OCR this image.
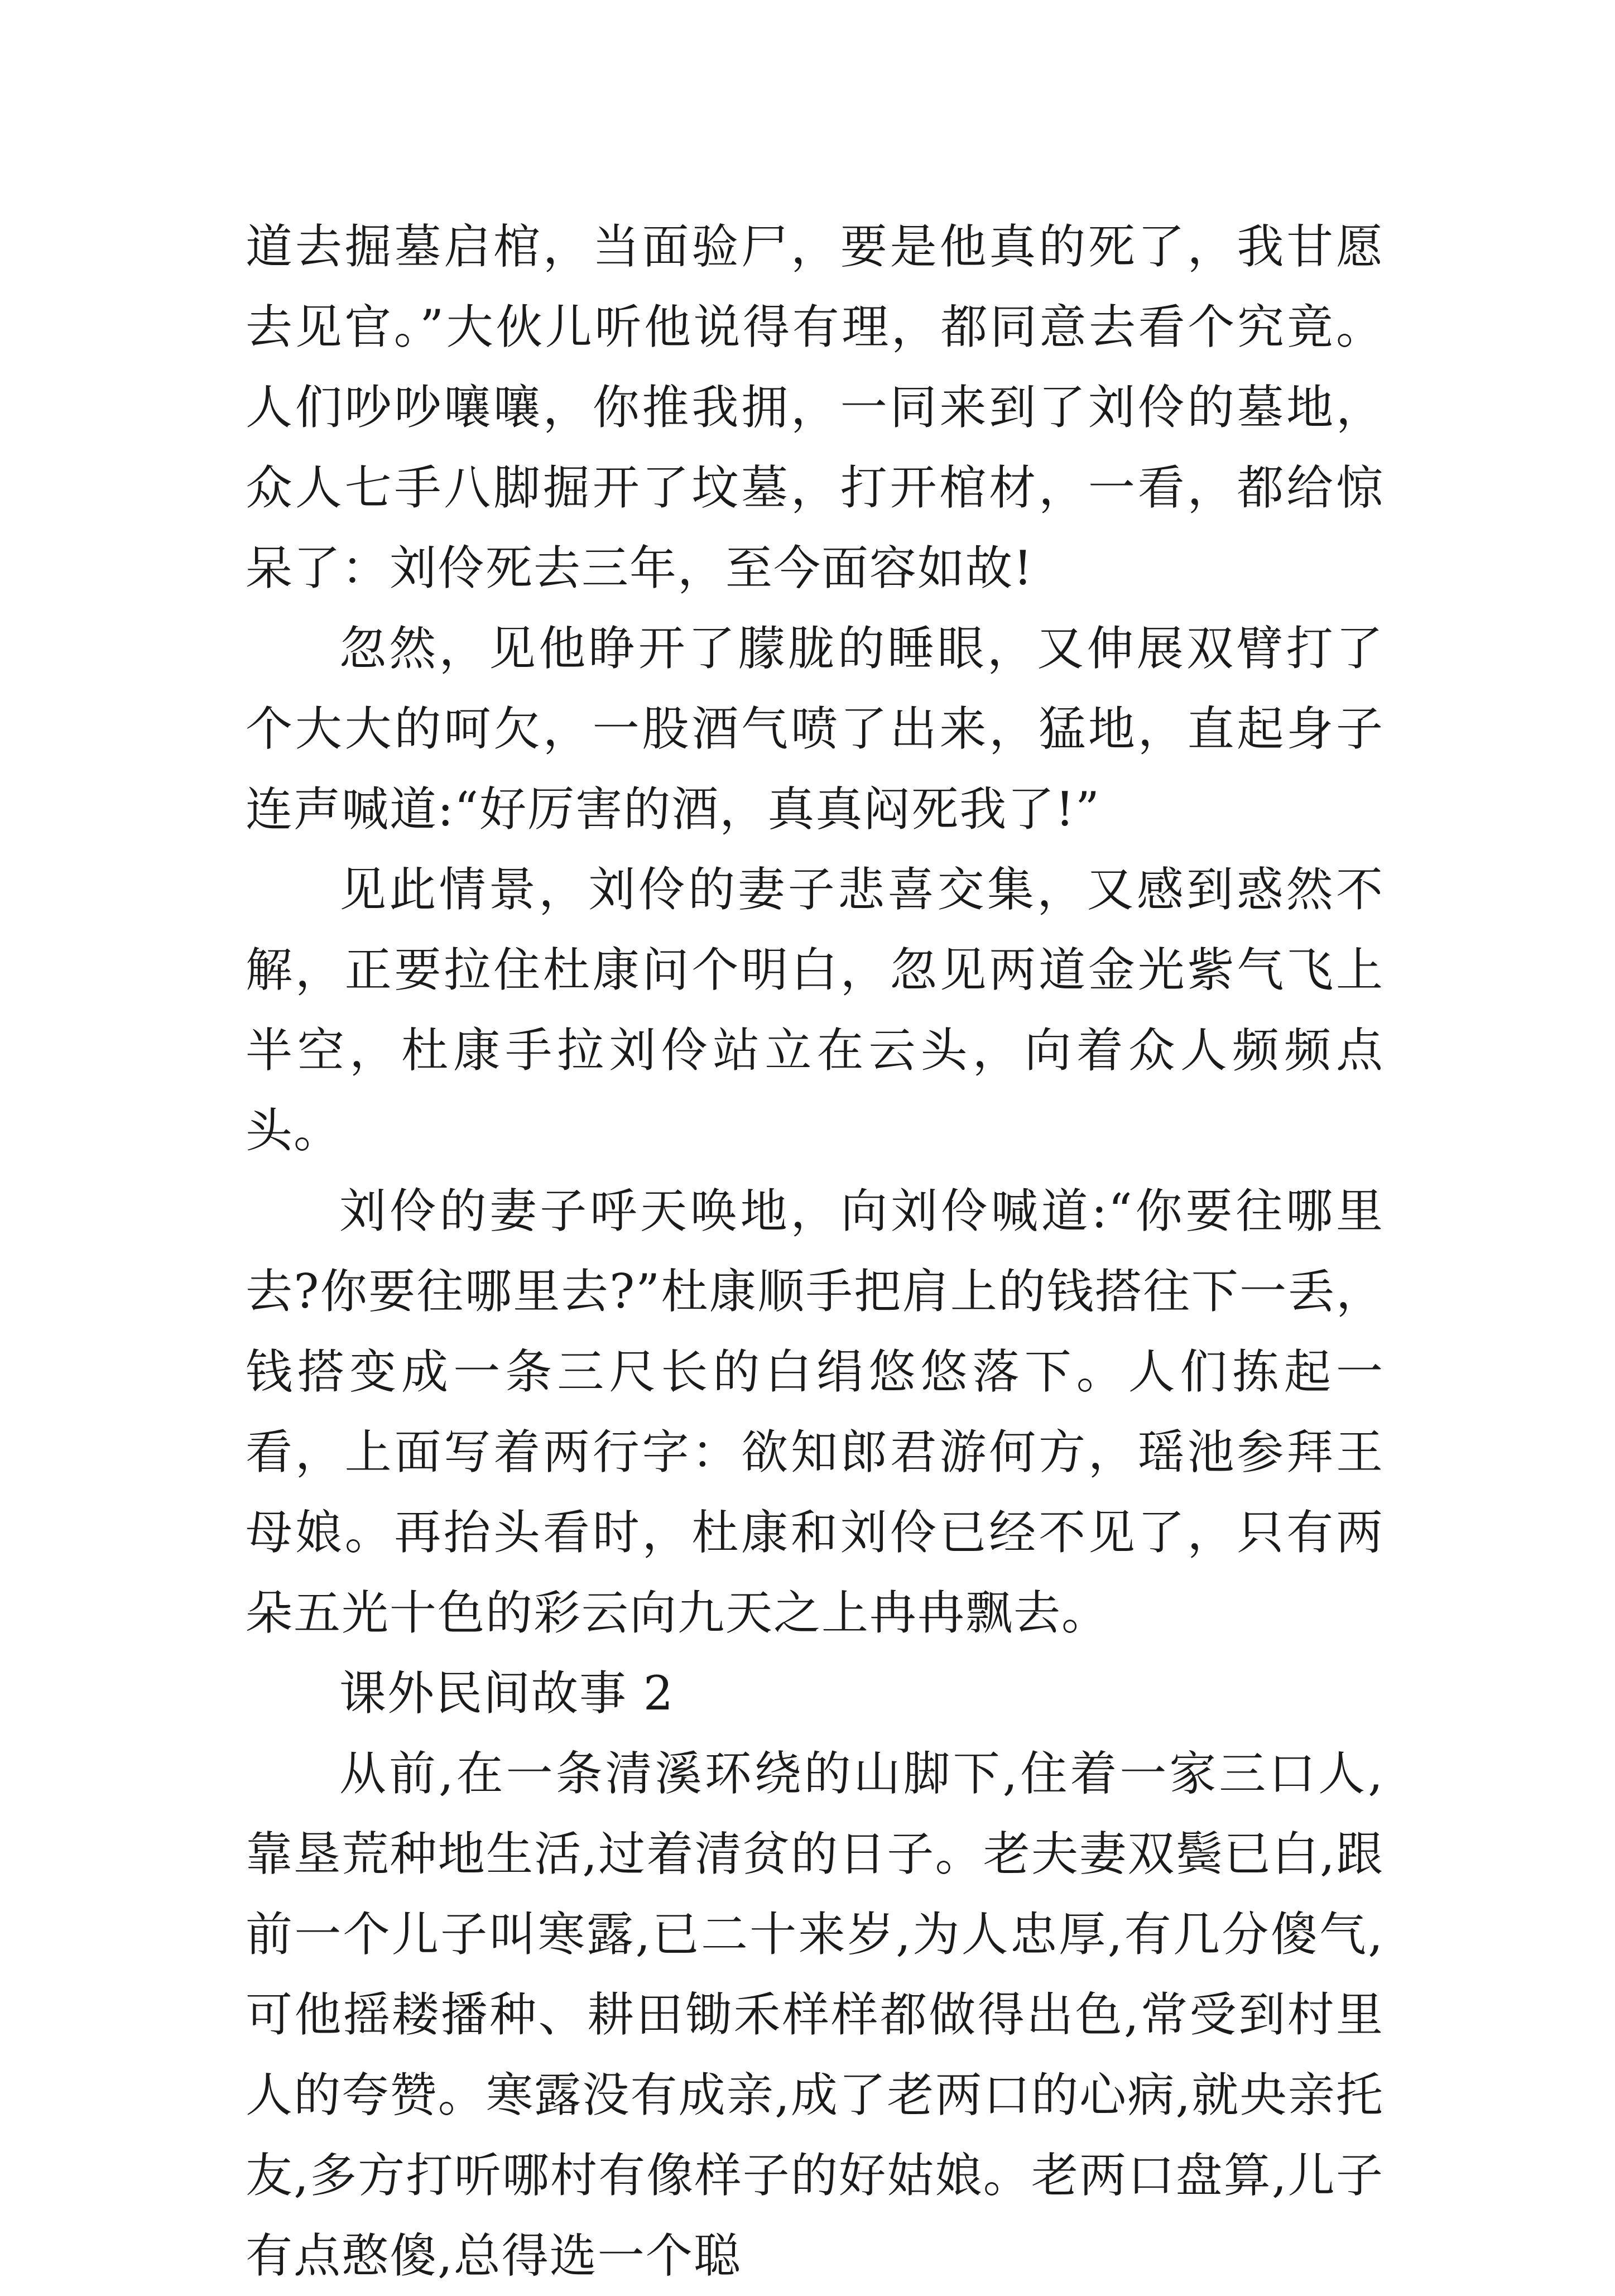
道去掘墓启棺，当面验尸，要是他真的死了，我甘愿去见官。”大伙儿听他说得有理，都同意去看个究竟。人们吵吵嚷嚷，你推我拥，一同来到了刘伶的墓地，众人七手八脚掘开了坟墓，打开棺材，一看，都给惊呆了：刘伶死去三年，至今面容如故!

忽然，见他睁开了朦胧的睡眼，又伸展双臂打了个大大的呵欠，一股酒气喷了出来，猛地，直起身子连声喊道:“好厉害的酒，真真闷死我了!”

见此情景，刘伶的妻子悲喜交集，又感到惑然不解，正要拉住杜康问个明白，忽见两道金光紫气飞上半空，杜康手拉刘伶站立在云头，向着众人频频点头。

刘伶的妻子呼天唤地，向刘伶喊道:“你要往哪里去?你要往哪里去?”杜康顺手把肩上的钱搭往下一丢，钱搭变成一条三尺长的白绢悠悠落下。人们拣起一看，上面写着两行字：欲知郎君游何方，瑶池参拜王母娘。再抬头看时，杜康和刘伶已经不见了，只有两朵五光十色的彩云向九天之上冉冉飘去。

课外民间故事 2

从前,在一条清溪环绕的山脚下,住着一家三口人,靠垦荒种地生活,过着清贫的日子。老夫妻双鬓已白,跟前一个儿子叫寒露,已二十来岁,为人忠厚,有几分傻气,可他摇耧播种、耕田锄禾样样都做得出色,常受到村里人的夸赞。寒露没有成亲,成了老两口的心病,就央亲托友,多方打听哪村有像样子的好姑娘。老两口盘算,儿子有点憨傻,总得选一个聪
